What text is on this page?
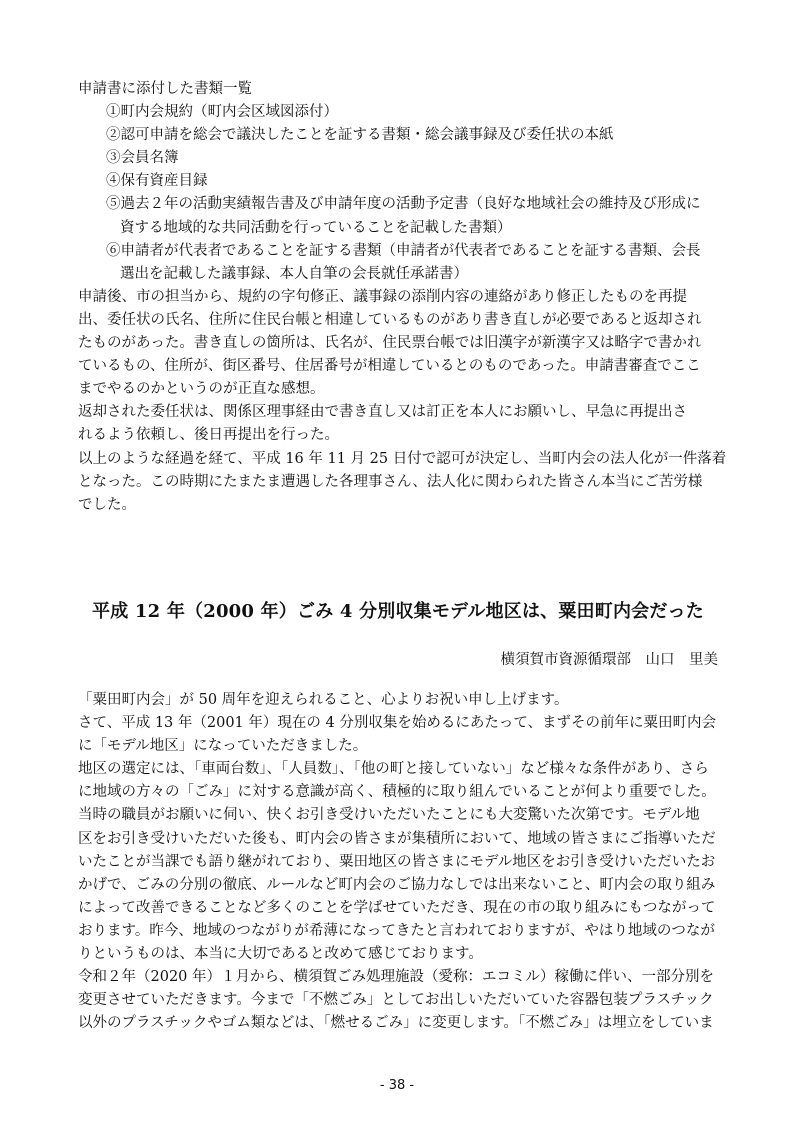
申請書に添付した書類一覧

①町内会規約（町内会区域図添付）

②認可申請を総会で議決したことを証する書類・総会議事録及び委任状の本紙

③会員名簿

④保有資産目録

⑤過去２年の活動実績報告書及び申請年度の活動予定書（良好な地域社会の維持及び形成に

資する地域的な共同活動を行っていることを記載した書類）

⑥申請者が代表者であることを証する書類（申請者が代表者であることを証する書類、会長

選出を記載した議事録、本人自筆の会長就任承諾書）

申請後、市の担当から、規約の字句修正、議事録の添削内容の連絡があり修正したものを再提

出、委任状の氏名、住所に住民台帳と相違しているものがあり書き直しが必要であると返却され

たものがあった。書き直しの箇所は、氏名が、住民票台帳では旧漢字が新漢字又は略字で書かれ

ているもの、住所が、街区番号、住居番号が相違しているとのものであった。申請書審査でここ

までやるのかというのが正直な感想。

返却された委任状は、関係区理事経由で書き直し又は訂正を本人にお願いし、早急に再提出さ

れるよう依頼し、後日再提出を行った。

以上のような経過を経て、平成 16 年 11 月 25 日付で認可が決定し、当町内会の法人化が一件落着

となった。この時期にたまたま遭遇した各理事さん、法人化に関わられた皆さん本当にご苦労様

でした。

平成 12 年（2000 年）ごみ 4 分別収集モデル地区は、粟田町内会だった

横須賀市資源循環部　山口　里美

「粟田町内会」が 50 周年を迎えられること、心よりお祝い申し上げます。

さて、平成 13 年（2001 年）現在の 4 分別収集を始めるにあたって、まずその前年に粟田町内会

に「モデル地区」になっていただきました。

地区の選定には、「車両台数」、「人員数」、「他の町と接していない」など様々な条件があり、さら

に地域の方々の「ごみ」に対する意識が高く、積極的に取り組んでいることが何より重要でした。

当時の職員がお願いに伺い、快くお引き受けいただいたことにも大変驚いた次第です。モデル地

区をお引き受けいただいた後も、町内会の皆さまが集積所において、地域の皆さまにご指導いただ

いたことが当課でも語り継がれており、粟田地区の皆さまにモデル地区をお引き受けいただいたお

かげで、ごみの分別の徹底、ルールなど町内会のご協力なしでは出来ないこと、町内会の取り組み

によって改善できることなど多くのことを学ばせていただき、現在の市の取り組みにもつながって

おります。昨今、地域のつながりが希薄になってきたと言われておりますが、やはり地域のつなが

りというものは、本当に大切であると改めて感じております。

令和２年（2020 年）１月から、横須賀ごみ処理施設（愛称：エコミル）稼働に伴い、一部分別を

変更させていただきます。今まで「不燃ごみ」としてお出しいただいていた容器包装プラスチック

以外のプラスチックやゴム類などは、「燃せるごみ」に変更します。「不燃ごみ」は埋立をしていま

- 38 -
